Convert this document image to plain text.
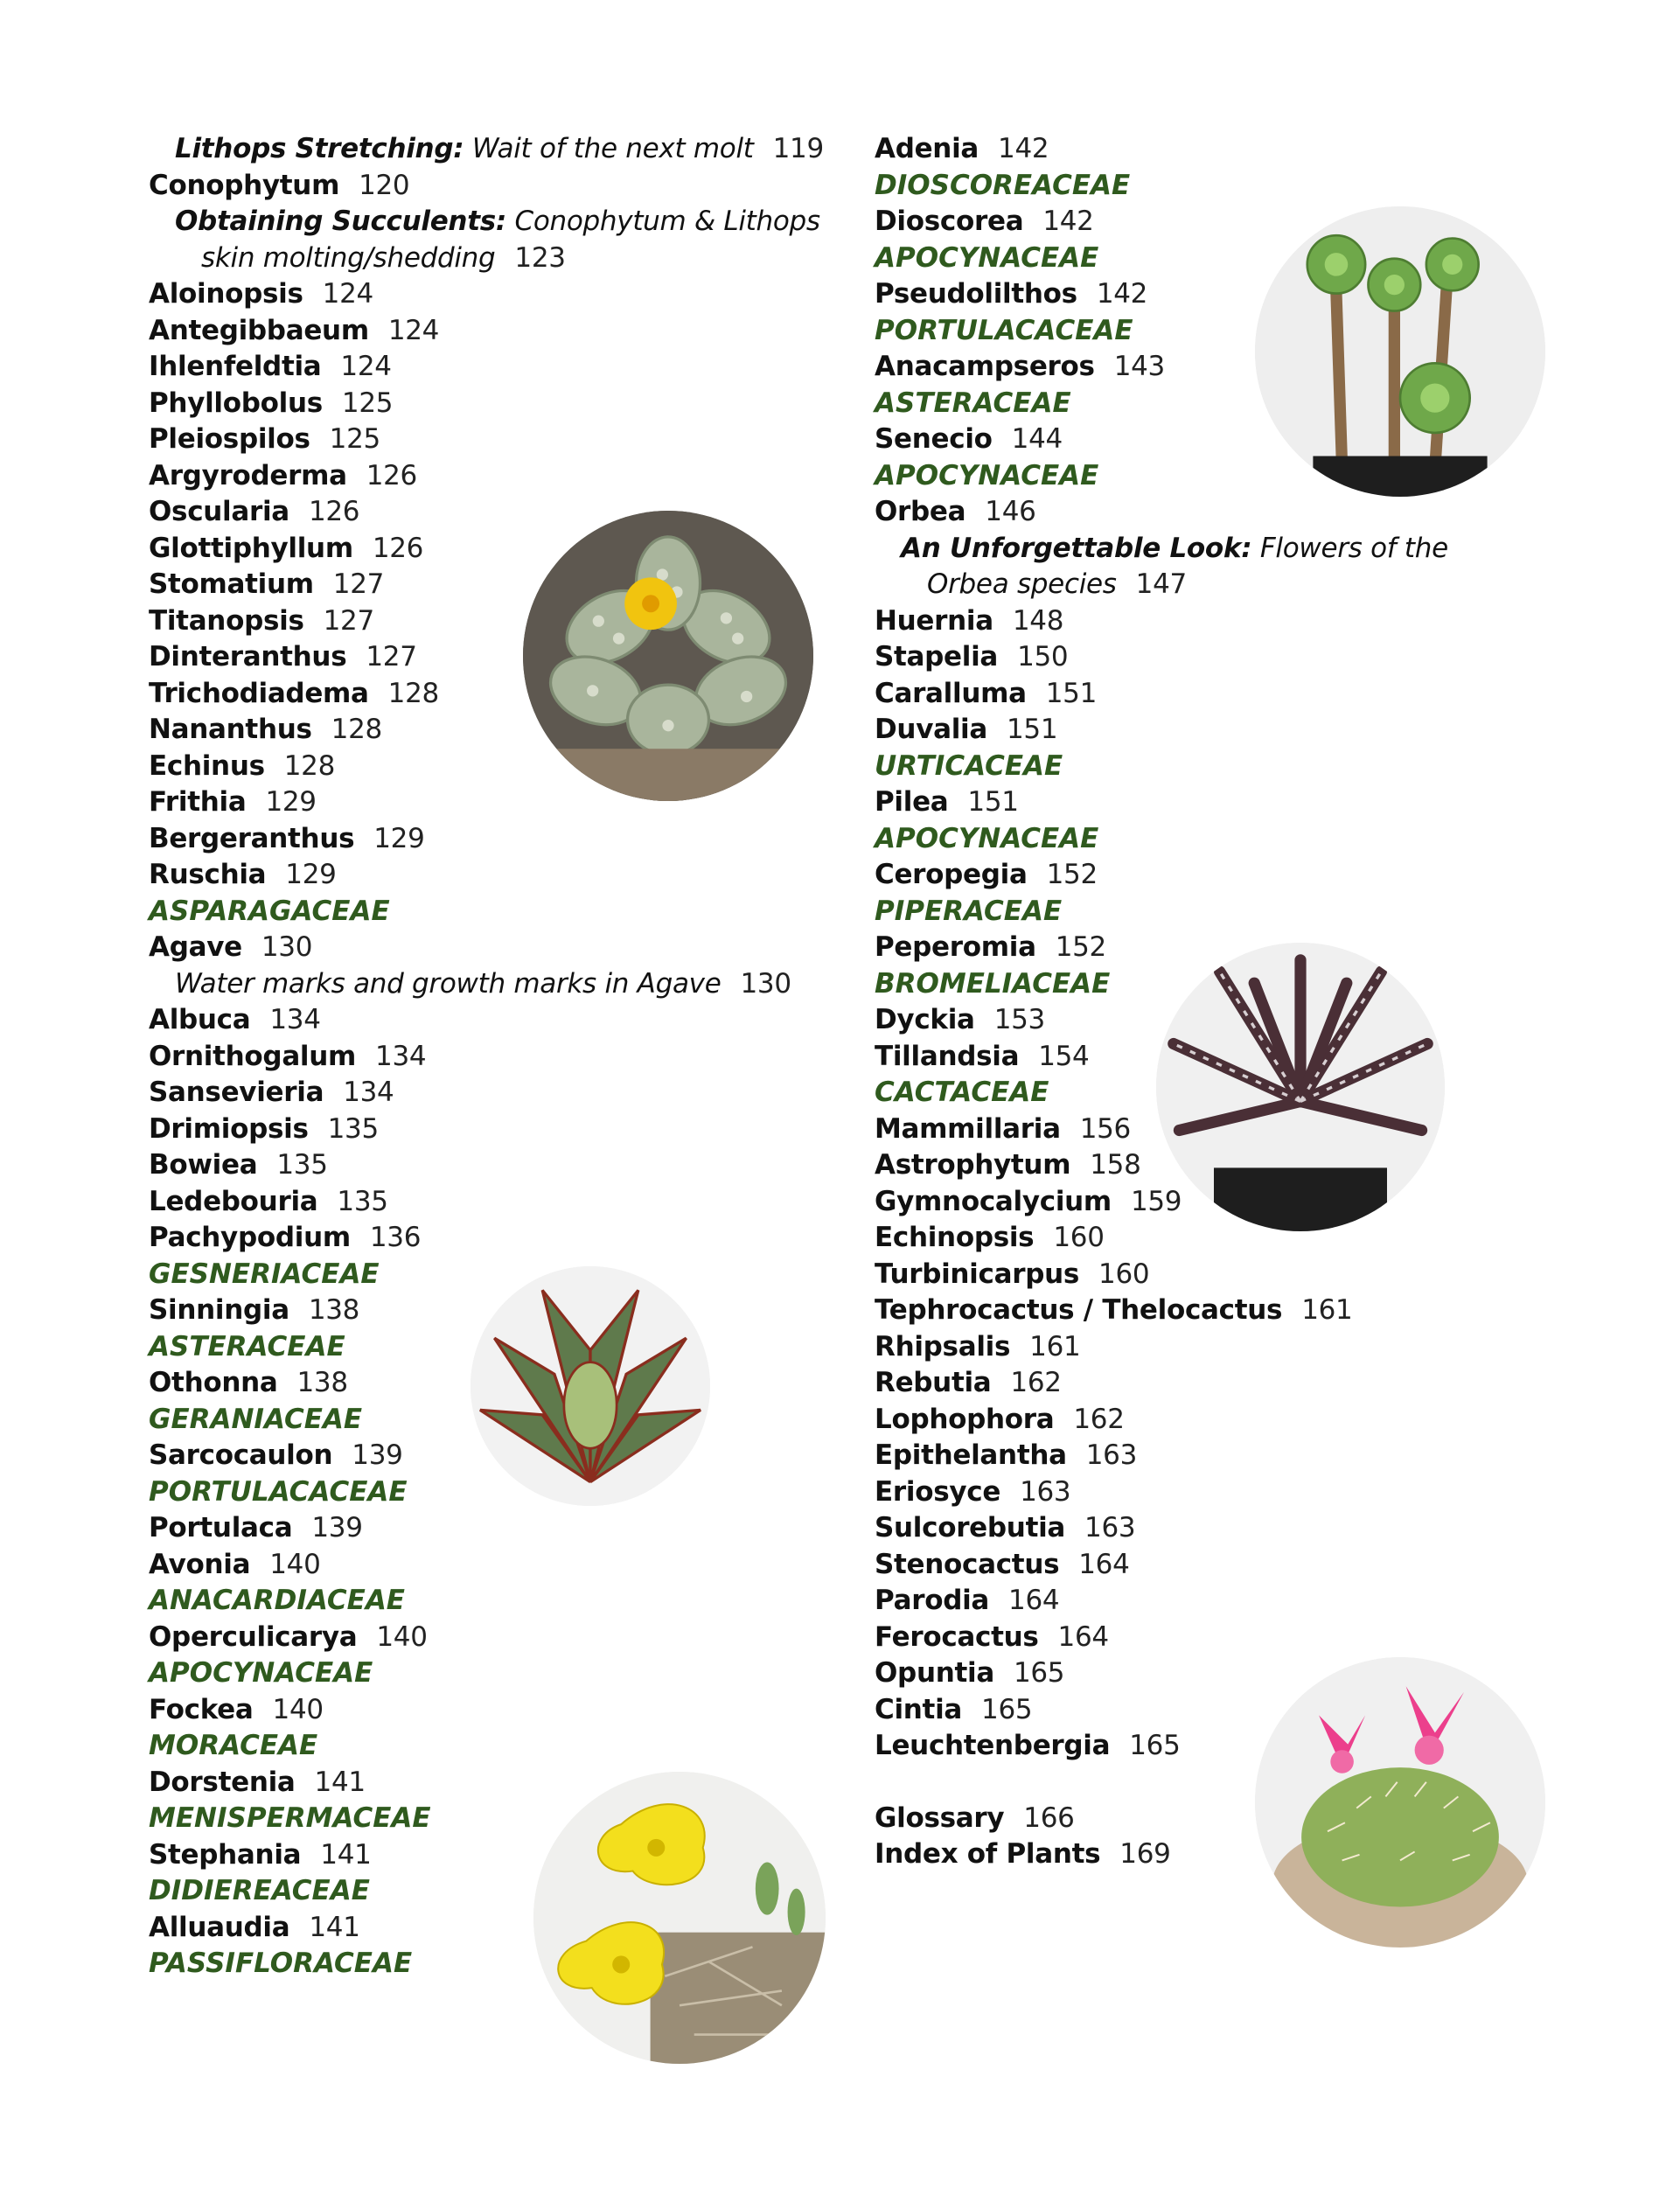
Lithops Stretching: Wait of the next molt 119
Conophytum 120
Obtaining Succulents: Conophytum & Lithops
skin molting/shedding 123
Aloinopsis 124
Antegibbaeum 124
Ihlenfeldtia 124
Phyllobolus 125
Pleiospilos 125
Argyroderma 126
Oscularia 126
Glottiphyllum 126
Stomatium 127
Titanopsis 127
Dinteranthus 127
Trichodiadema 128
Nananthus 128
Echinus 128
Frithia 129
Bergeranthus 129
Ruschia 129
ASPARAGACEAE
Agave 130
Water marks and growth marks in Agave 130
Albuca 134
Ornithogalum 134
Sansevieria 134
Drimiopsis 135
Bowiea 135
Ledebouria 135
Pachypodium 136
GESNERIACEAE
Sinningia 138
ASTERACEAE
Othonna 138
GERANIACEAE
Sarcocaulon 139
PORTULACACEAE
Portulaca 139
Avonia 140
ANACARDIACEAE
Operculicarya 140
APOCYNACEAE
Fockea 140
MORACEAE
Dorstenia 141
MENISPERMACEAE
Stephania 141
DIDIEREACEAE
Alluaudia 141
PASSIFLORACEAE
Adenia 142
DIOSCOREACEAE
Dioscorea 142
APOCYNACEAE
Pseudolilthos 142
PORTULACACEAE
Anacampseros 143
ASTERACEAE
Senecio 144
APOCYNACEAE
Orbea 146
An Unforgettable Look: Flowers of the
Orbea species 147
Huernia 148
Stapelia 150
Caralluma 151
Duvalia 151
URTICACEAE
Pilea 151
APOCYNACEAE
Ceropegia 152
PIPERACEAE
Peperomia 152
BROMELIACEAE
Dyckia 153
Tillandsia 154
CACTACEAE
Mammillaria 156
Astrophytum 158
Gymnocalycium 159
Echinopsis 160
Turbinicarpus 160
Tephrocactus / Thelocactus 161
Rhipsalis 161
Rebutia 162
Lophophora 162
Epithelantha 163
Eriosyce 163
Sulcorebutia 163
Stenocactus 164
Parodia 164
Ferocactus 164
Opuntia 165
Cintia 165
Leuchtenbergia 165
Glossary 166
Index of Plants 169
